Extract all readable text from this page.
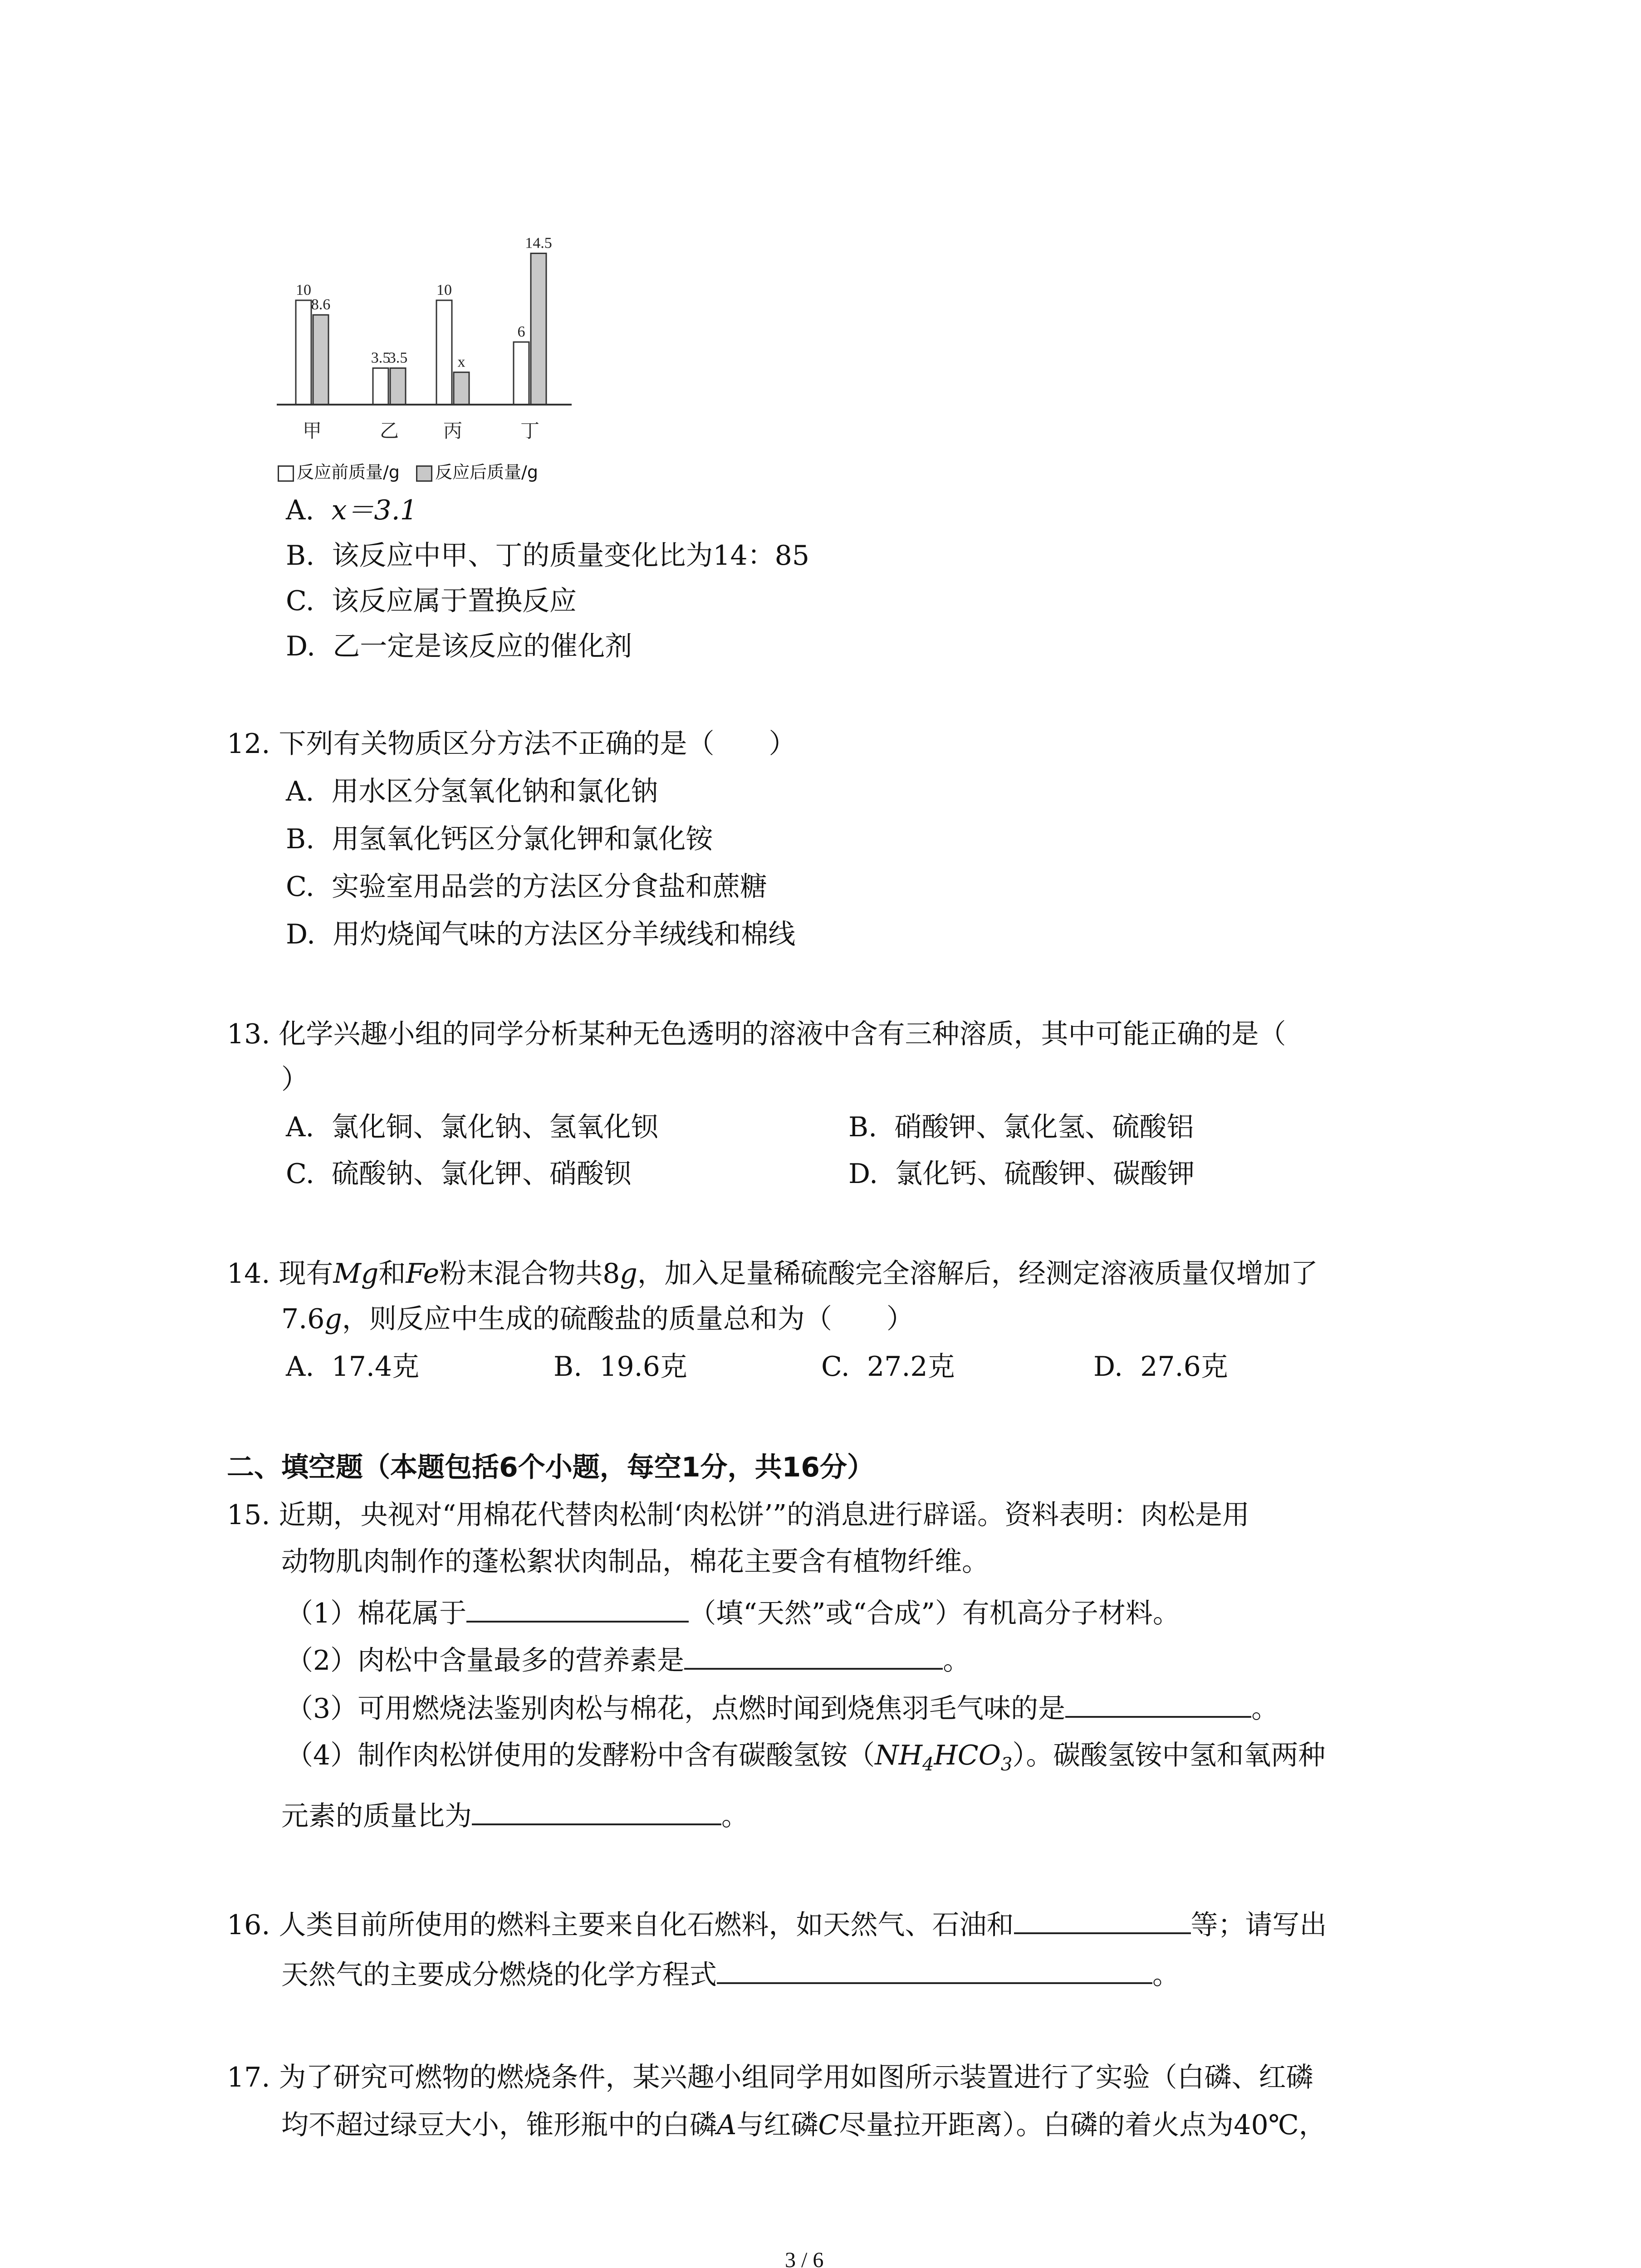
10
8.6
3.5
3.5
10
x
6
14.5
甲	乙 丙	丁
反应前质量/g 反应后质量/g
A. x＝3.1
B. 该反应中甲、丁的质量变化比为14：85
C. 该反应属于置换反应
D. 乙一定是该反应的催化剂
12. 下列有关物质区分方法不正确的是（　　）
A. 用水区分氢氧化钠和氯化钠
B. 用氢氧化钙区分氯化钾和氯化铵
C. 实验室用品尝的方法区分食盐和蔗糖
D. 用灼烧闻气味的方法区分羊绒线和棉线
13. 化学兴趣小组的同学分析某种无色透明的溶液中含有三种溶质，其中可能正确的是（
）
A. 氯化铜、氯化钠、氢氧化钡	B. 硝酸钾、氯化氢、硫酸铝
C. 硫酸钠、氯化钾、硝酸钡	D. 氯化钙、硫酸钾、碳酸钾
14. 现有Mg和Fe粉末混合物共8g，加入足量稀硫酸完全溶解后，经测定溶液质量仅增加了
7.6g，则反应中生成的硫酸盐的质量总和为（　　）
A. 17.4克	B. 19.6克	C. 27.2克	D. 27.6克
二、填空题（本题包括6个小题，每空1分，共16分）
15. 近期，央视对“用棉花代替肉松制‘肉松饼’”的消息进行辟谣。资料表明：肉松是用
动物肌肉制作的蓬松絮状肉制品，棉花主要含有植物纤维。
（1）棉花属于	（填“天然”或“合成”）有机高分子材料。
（2）肉松中含量最多的营养素是	。
（3）可用燃烧法鉴别肉松与棉花，点燃时闻到烧焦羽毛气味的是	。
（4）制作肉松饼使用的发酵粉中含有碳酸氢铵$(NH_4HCO_3)$。碳酸氢铵中氢和氧两种
元素的质量比为	。
16. 人类目前所使用的燃料主要来自化石燃料，如天然气、石油和	等；请写出
天然气的主要成分燃烧的化学方程式	。
17. 为了研究可燃物的燃烧条件，某兴趣小组同学用如图所示装置进行了实验（白磷、红磷
均不超过绿豆大小，锥形瓶中的白磷A与红磷C尽量拉开距离）。白磷的着火点为40℃，
3 / 6
